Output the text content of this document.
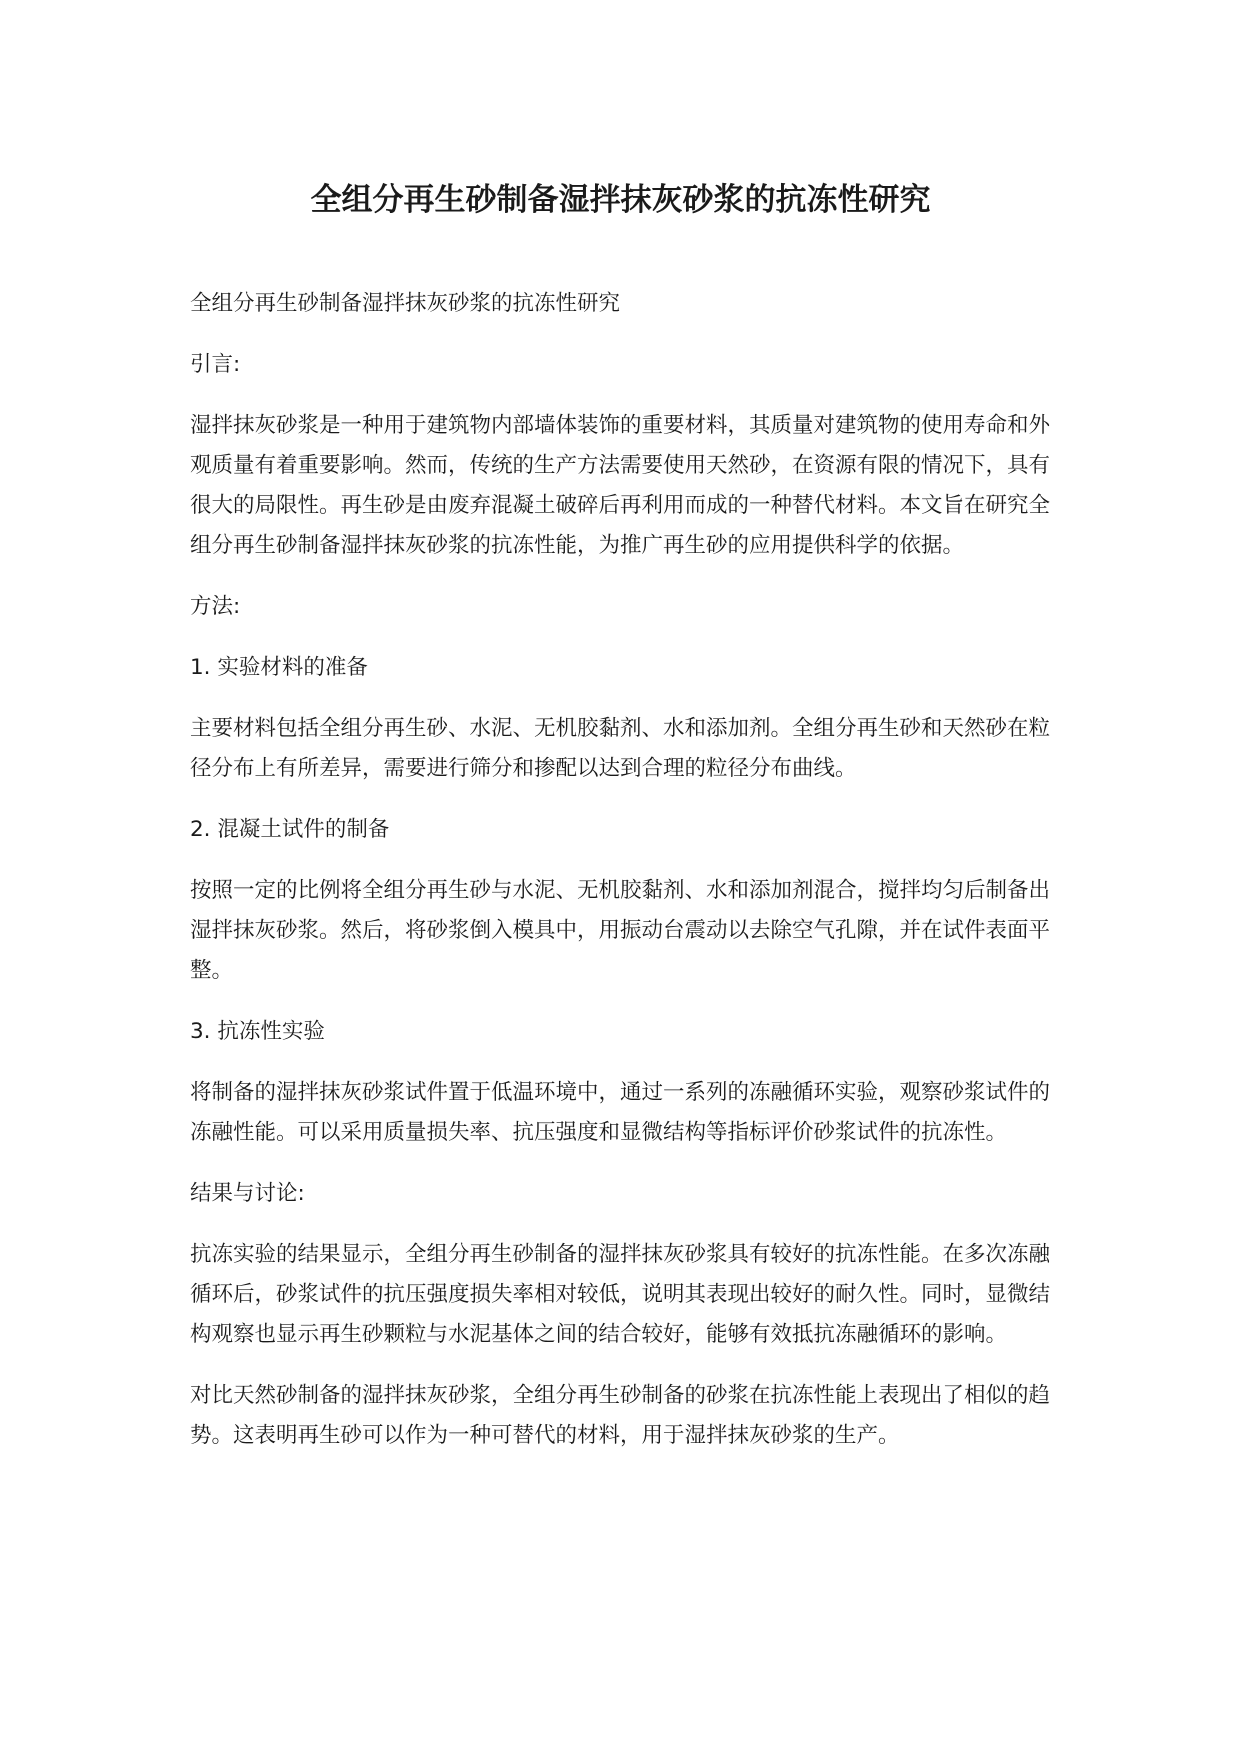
全组分再生砂制备湿拌抹灰砂浆的抗冻性研究

全组分再生砂制备湿拌抹灰砂浆的抗冻性研究

引言:

湿拌抹灰砂浆是一种用于建筑物内部墙体装饰的重要材料，其质量对建筑物的使用寿命和外观质量有着重要影响。然而，传统的生产方法需要使用天然砂，在资源有限的情况下，具有很大的局限性。再生砂是由废弃混凝土破碎后再利用而成的一种替代材料。本文旨在研究全组分再生砂制备湿拌抹灰砂浆的抗冻性能，为推广再生砂的应用提供科学的依据。

方法:

1. 实验材料的准备

主要材料包括全组分再生砂、水泥、无机胶黏剂、水和添加剂。全组分再生砂和天然砂在粒径分布上有所差异，需要进行筛分和掺配以达到合理的粒径分布曲线。

2. 混凝土试件的制备

按照一定的比例将全组分再生砂与水泥、无机胶黏剂、水和添加剂混合，搅拌均匀后制备出湿拌抹灰砂浆。然后，将砂浆倒入模具中，用振动台震动以去除空气孔隙，并在试件表面平整。

3. 抗冻性实验

将制备的湿拌抹灰砂浆试件置于低温环境中，通过一系列的冻融循环实验，观察砂浆试件的冻融性能。可以采用质量损失率、抗压强度和显微结构等指标评价砂浆试件的抗冻性。

结果与讨论:

抗冻实验的结果显示，全组分再生砂制备的湿拌抹灰砂浆具有较好的抗冻性能。在多次冻融循环后，砂浆试件的抗压强度损失率相对较低，说明其表现出较好的耐久性。同时，显微结构观察也显示再生砂颗粒与水泥基体之间的结合较好，能够有效抵抗冻融循环的影响。

对比天然砂制备的湿拌抹灰砂浆，全组分再生砂制备的砂浆在抗冻性能上表现出了相似的趋势。这表明再生砂可以作为一种可替代的材料，用于湿拌抹灰砂浆的生产。
